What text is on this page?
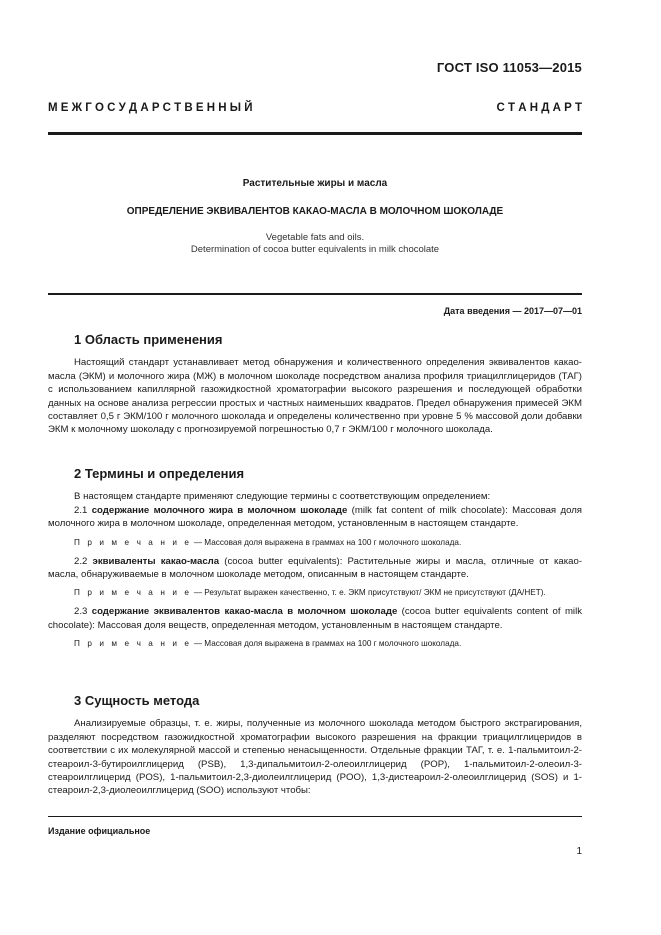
ГОСТ ISO 11053—2015
М Е Ж Г О С У Д А Р С Т В Е Н Н Ы Й	С Т А Н Д А Р Т
Растительные жиры и масла
ОПРЕДЕЛЕНИЕ ЭКВИВАЛЕНТОВ КАКАО-МАСЛА В МОЛОЧНОМ ШОКОЛАДЕ
Vegetable fats and oils.
Determination of cocoa butter equivalents in milk chocolate
Дата введения — 2017—07—01
1 Область применения

Настоящий стандарт устанавливает метод обнаружения и количественного определения эквивалентов какао-масла (ЭКМ) и молочного жира (МЖ) в молочном шоколаде посредством анализа профиля триацилглицеридов (ТАГ) с использованием капиллярной газожидкостной хроматографии высокого разрешения и последующей обработки данных на основе анализа регрессии простых и частных наименьших квадратов. Предел обнаружения примесей ЭКМ составляет 0,5 г ЭКМ/100 г молочного шоколада и определены количественно при уровне 5 % массовой доли добавки ЭКМ к молочному шоколаду с прогнозируемой погрешностью 0,7 г ЭКМ/100 г молочного шоколада.

2 Термины и определения

В настоящем стандарте применяют следующие термины с соответствующим определением:

2.1 содержание молочного жира в молочном шоколаде (milk fat content of milk chocolate): Массовая доля молочного жира в молочном шоколаде, определенная методом, установленным в настоящем стандарте.

П р и м е ч а н и е — Массовая доля выражена в граммах на 100 г молочного шоколада.

2.2 эквиваленты какао-масла (cocoa butter equivalents): Растительные жиры и масла, отличные от какао-масла, обнаруживаемые в молочном шоколаде методом, описанным в настоящем стандарте.

П р и м е ч а н и е — Результат выражен качественно, т. е. ЭКМ присутствуют/ ЭКМ не присутствуют (ДА/НЕТ).

2.3 содержание эквивалентов какао-масла в молочном шоколаде (cocoa butter equivalents content of milk chocolate): Массовая доля веществ, определенная методом, установленным в настоящем стандарте.

П р и м е ч а н и е — Массовая доля выражена в граммах на 100 г молочного шоколада.

3 Сущность метода

Анализируемые образцы, т. е. жиры, полученные из молочного шоколада методом быстрого экстрагирования, разделяют посредством газожидкостной хроматографии высокого разрешения на фракции триацилглицеридов в соответствии с их молекулярной массой и степенью ненасыщенности. Отдельные фракции ТАГ, т. е. 1-пальмитоил-2-стеароил-3-бутироилглицерид (PSB), 1,3-дипальмитоил-2-олеоилглицерид (POP), 1-пальмитоил-2-олеоил-3-стеароилглицерид (POS), 1-пальмитоил-2,3-диолеилглицерид (POO), 1,3-дистеароил-2-олеоилглицерид (SOS) и 1-стеароил-2,3-диолеоилглицерид (SOO) используют чтобы:

Издание официальное
1
